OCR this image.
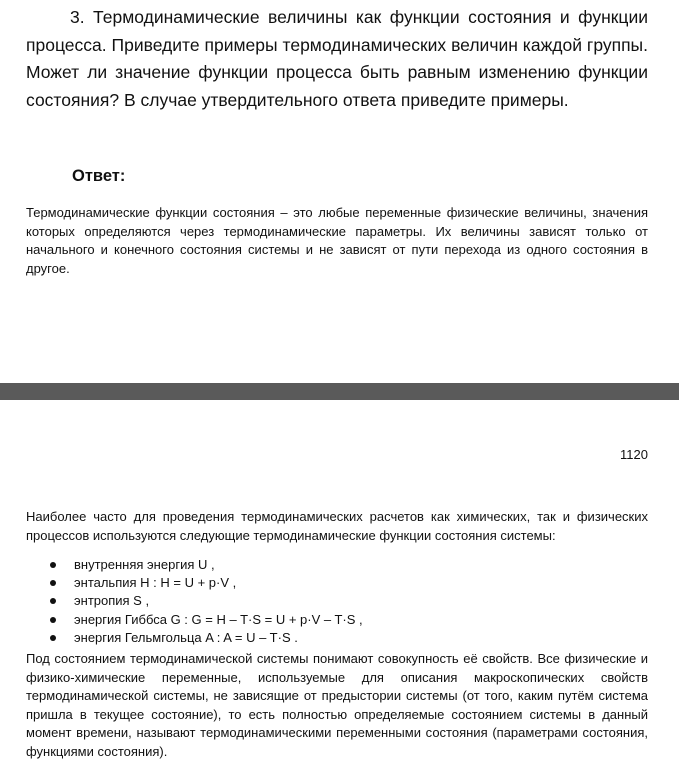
3. Термодинамические величины как функции состояния и функции процесса. Приведите примеры термодинамических величин каждой группы. Может ли значение функции процесса быть равным изменению функции состояния? В случае утвердительного ответа приведите примеры.

Ответ:

Термодинамические функции состояния – это любые переменные физические величины, значения которых определяются через термодинамические параметры. Их величины зависят только от начального и конечного состояния системы и не зависят от пути перехода из одного состояния в другое.

1120

Наиболее часто для проведения термодинамических расчетов как химических, так и физических процессов используются следующие термодинамические функции состояния системы:

внутренняя энергия U ,
энтальпия H : H = U + p·V ,
энтропия S ,
энергия Гиббса G : G = H – T·S = U + p·V – T·S ,
энергия Гельмгольца A : A = U – T·S .

Под состоянием термодинамической системы понимают совокупность её свойств. Все физические и физико-химические переменные, используемые для описания макроскопических свойств термодинамической системы, не зависящие от предыстории системы (от того, каким путём система пришла в текущее состояние), то есть полностью определяемые состоянием системы в данный момент времени, называют термодинамическими переменными состояния (параметрами состояния, функциями состояния).
